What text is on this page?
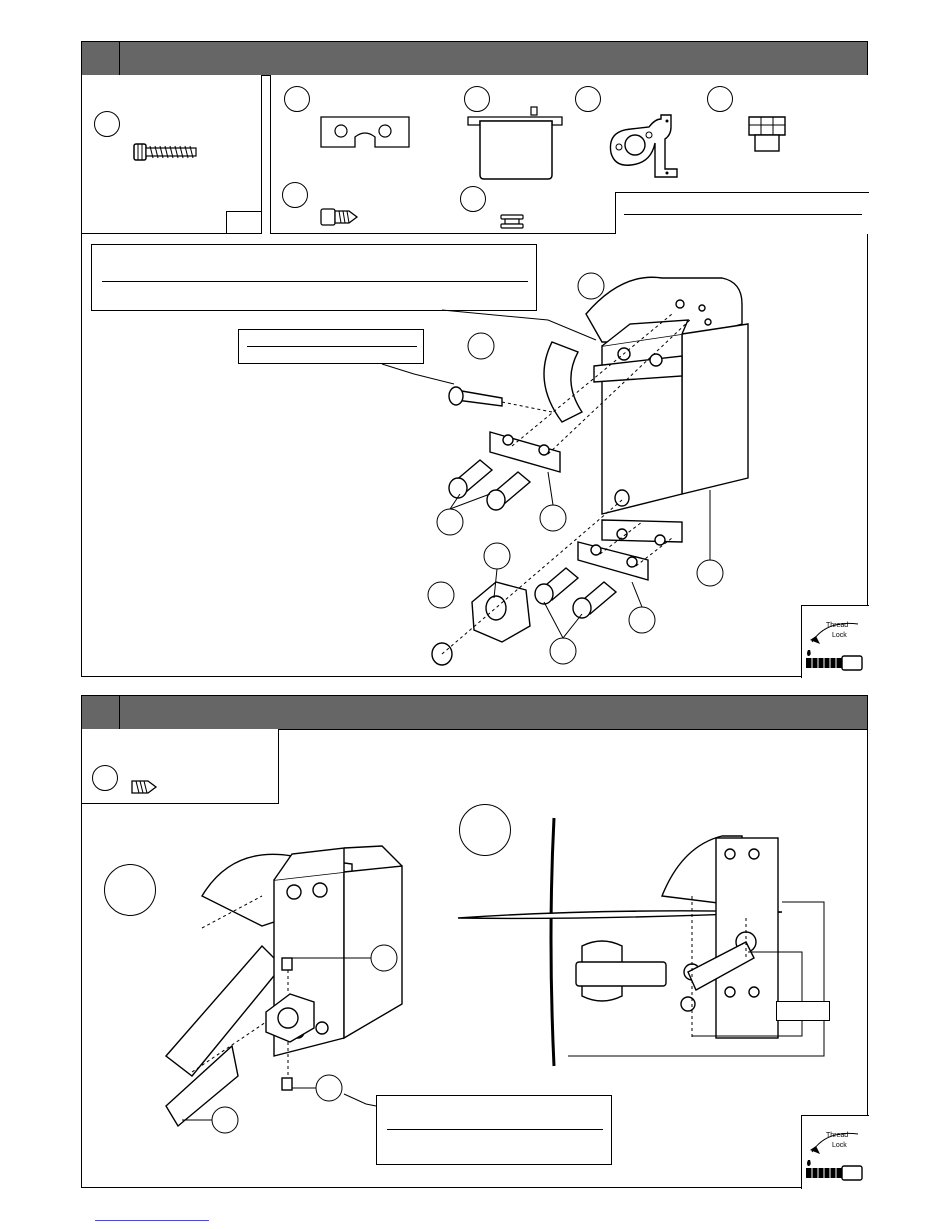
Thread
Lock
Thread
Lock
